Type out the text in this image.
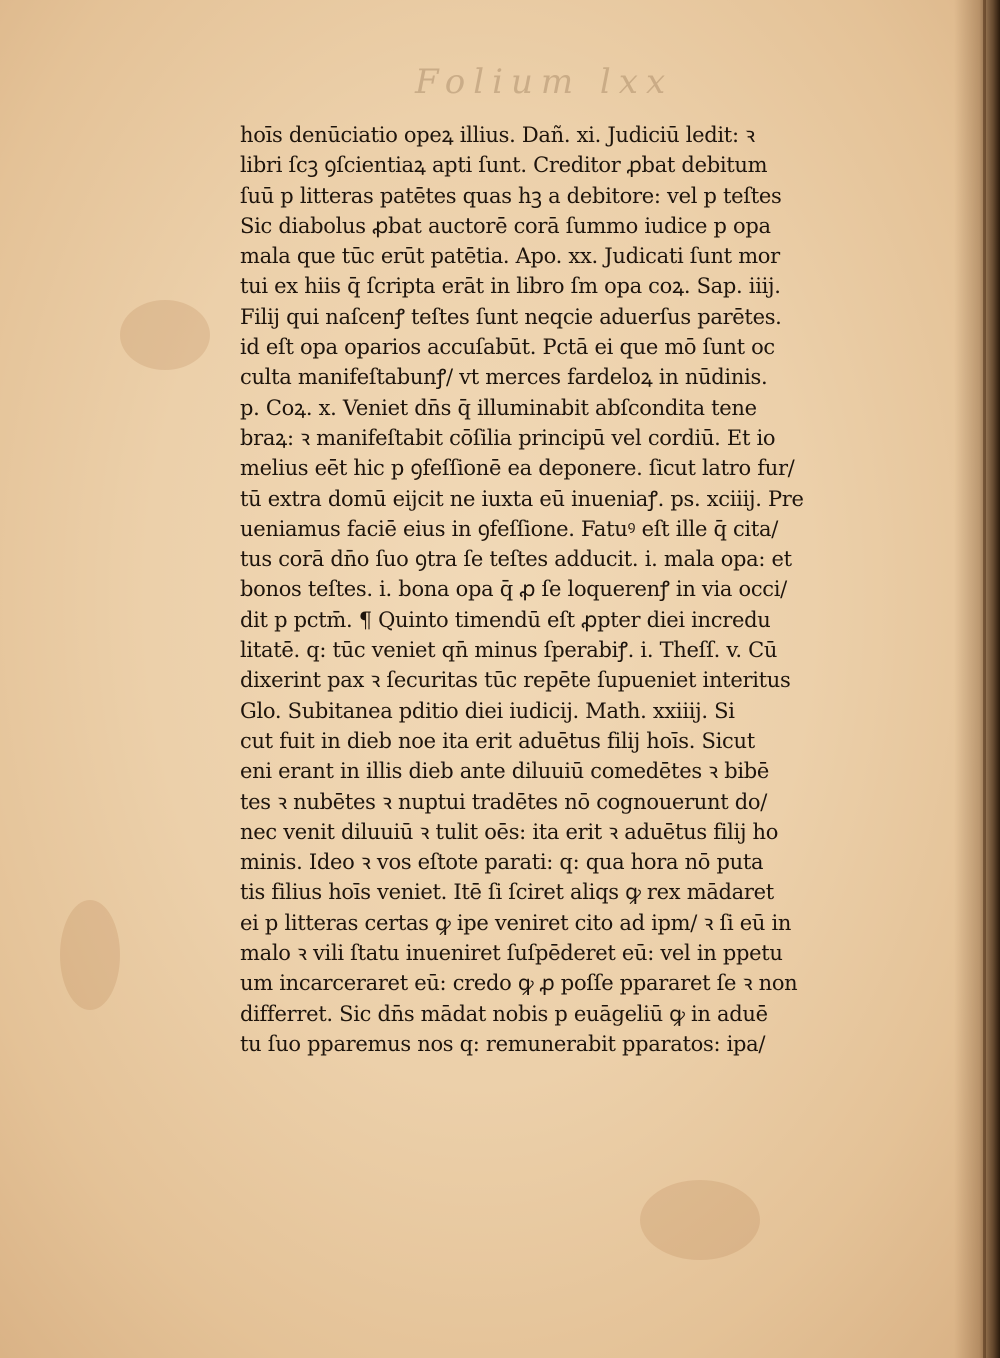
Folium lxx
hoīs denūciatio opeꝝ illius. Dañ. xi. Judiciū ledit: ꝛ
libri ſcꝫ ꝯſcientiaꝝ apti ſunt. Creditor ꝓbat debitum
ſuū p litteras patētes quas hꝫ a debitore: vel p teſtes
Sic diabolus ꝓbat auctorē corā ſummo iudice p opa
mala que tūc erūt patētia. Apo. xx. Judicati ſunt mor
tui ex hiis q̄ ſcripta erāt in libro ſm opa coꝝ. Sap. iiij.
Filij qui naſcenꝭ teſtes ſunt neqcie aduerſus parētes.
id eſt opa oparios accuſabūt. Pctā ei que mō ſunt oc
culta manifeſtabunꝭ/ vt merces fardeloꝝ in nūdinis.
p. Coꝝ. x. Veniet dn̄s q̄ illuminabit abſcondita tene
braꝝ: ꝛ manifeſtabit cōſilia principū vel cordiū. Et io
melius eēt hic p ꝯfeſſionē ea deponere. ſicut latro fur/
tū extra domū eijcit ne iuxta eū inueniaꝭ. ps. xciiij. Pre
ueniamus faciē eius in ꝯfeſſione. Fatuꝰ eſt ille q̄ cita/
tus corā dn̄o ſuo ꝯtra ſe teſtes adducit. i. mala opa: et
bonos teſtes. i. bona opa q̄ ꝓ ſe loquerenꝭ in via occi/
dit p pctm̄. ¶ Quinto timendū eſt ꝓpter diei incredu
litatē. q: tūc veniet qn̄ minus ſperabiꝭ. i. Theſſ. v. Cū
dixerint pax ꝛ ſecuritas tūc repēte ſupueniet interitus
Glo. Subitanea pditio diei iudicij. Math. xxiiij. Si
cut fuit in dieb noe ita erit aduētus filij hoīs. Sicut
eni erant in illis dieb ante diluuiū comedētes ꝛ bibē
tes ꝛ nubētes ꝛ nuptui tradētes nō cognouerunt do/
nec venit diluuiū ꝛ tulit oēs: ita erit ꝛ aduētus filij ho
minis. Ideo ꝛ vos eſtote parati: q: qua hora nō puta
tis filius hoīs veniet. Itē ſi ſciret aliqs ꝙ rex mādaret
ei p litteras certas ꝙ ipe veniret cito ad ipm/ ꝛ ſi eū in
malo ꝛ vili ſtatu inueniret ſuſpēderet eū: vel in ppetu
um incarceraret eū: credo ꝙ ꝓ poſſe ppararet ſe ꝛ non
differret. Sic dn̄s mādat nobis p euāgeliū ꝙ in aduē
tu ſuo pparemus nos q: remunerabit pparatos: ipa/
